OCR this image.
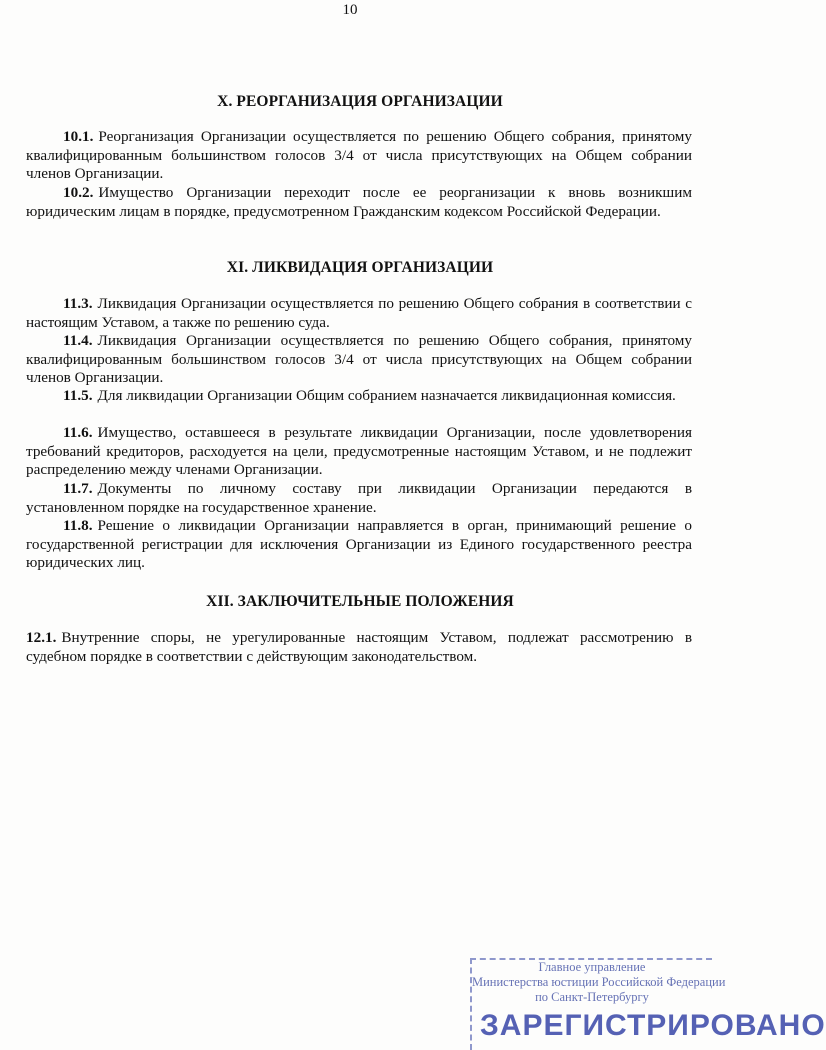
10
X. РЕОРГАНИЗАЦИЯ ОРГАНИЗАЦИИ
10.1. Реорганизация Организации осуществляется по решению Общего собрания, принятому квалифицированным большинством голосов 3/4 от числа присутствующих на Общем собрании членов Организации.
10.2. Имущество Организации переходит после ее реорганизации к вновь возникшим юридическим лицам в порядке, предусмотренном Гражданским кодексом Российской Федерации.
XI. ЛИКВИДАЦИЯ ОРГАНИЗАЦИИ
11.3. Ликвидация Организации осуществляется по решению Общего собрания в соответствии с настоящим Уставом, а также по решению суда.
11.4. Ликвидация Организации осуществляется по решению Общего собрания, принятому квалифицированным большинством голосов 3/4 от числа присутствующих на Общем собрании членов Организации.
11.5. Для ликвидации Организации Общим собранием назначается ликвидационная комиссия.
11.6. Имущество, оставшееся в результате ликвидации Организации, после удовлетворения требований кредиторов, расходуется на цели, предусмотренные настоящим Уставом, и не подлежит распределению между членами Организации.
11.7. Документы по личному составу при ликвидации Организации передаются в установленном порядке на государственное хранение.
11.8. Решение о ликвидации Организации направляется в орган, принимающий решение о государственной регистрации для исключения Организации из Единого государственного реестра юридических лиц.
XII. ЗАКЛЮЧИТЕЛЬНЫЕ ПОЛОЖЕНИЯ
12.1. Внутренние споры, не урегулированные настоящим Уставом, подлежат рассмотрению в судебном порядке в соответствии с действующим законодательством.
Главное управление
Министерства юстиции Российской Федерации
по Санкт-Петербургу
ЗАРЕГИСТРИРОВАНО
